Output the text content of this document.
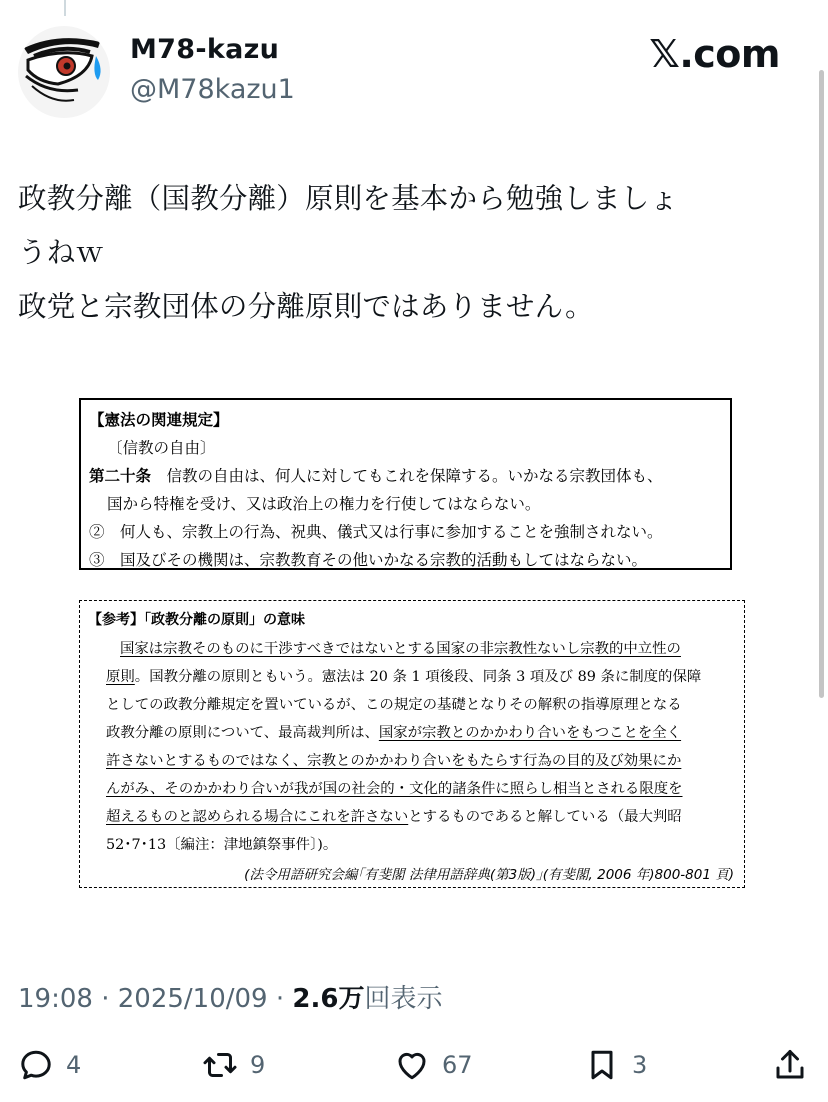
M78-kazu
@M78kazu1
𝕏.com

政教分離（国教分離）原則を基本から勉強しましょ

うねｗ

政党と宗教団体の分離原則ではありません。

【憲法の関連規定】
〔信教の自由〕
第二十条　信教の自由は、何人に対してもこれを保障する。いかなる宗教団体も、
国から特権を受け、又は政治上の権力を行使してはならない。
②　何人も、宗教上の行為、祝典、儀式又は行事に参加することを強制されない。
③　国及びその機関は、宗教教育その他いかなる宗教的活動もしてはならない。
【参考】「政教分離の原則」の意味
国家は宗教そのものに干渉すべきではないとする国家の非宗教性ないし宗教的中立性の
原則。国教分離の原則ともいう。憲法は 20 条 1 項後段、同条 3 項及び 89 条に制度的保障
としての政教分離規定を置いているが、この規定の基礎となりその解釈の指導原理となる
政教分離の原則について、最高裁判所は、国家が宗教とのかかわり合いをもつことを全く
許さないとするものではなく、宗教とのかかわり合いをもたらす行為の目的及び効果にか
んがみ、そのかかわり合いが我が国の社会的・文化的諸条件に照らし相当とされる限度を
超えるものと認められる場合にこれを許さないとするものであると解している（最大判昭
52･7･13〔編注：津地鎮祭事件〕)。
(法令用語研究会編｢有斐閣 法律用語辞典(第3版)｣(有斐閣, 2006 年)800-801 頁)
19:08 · 2025/10/09 · 2.6万回表示
4	9	67	3
